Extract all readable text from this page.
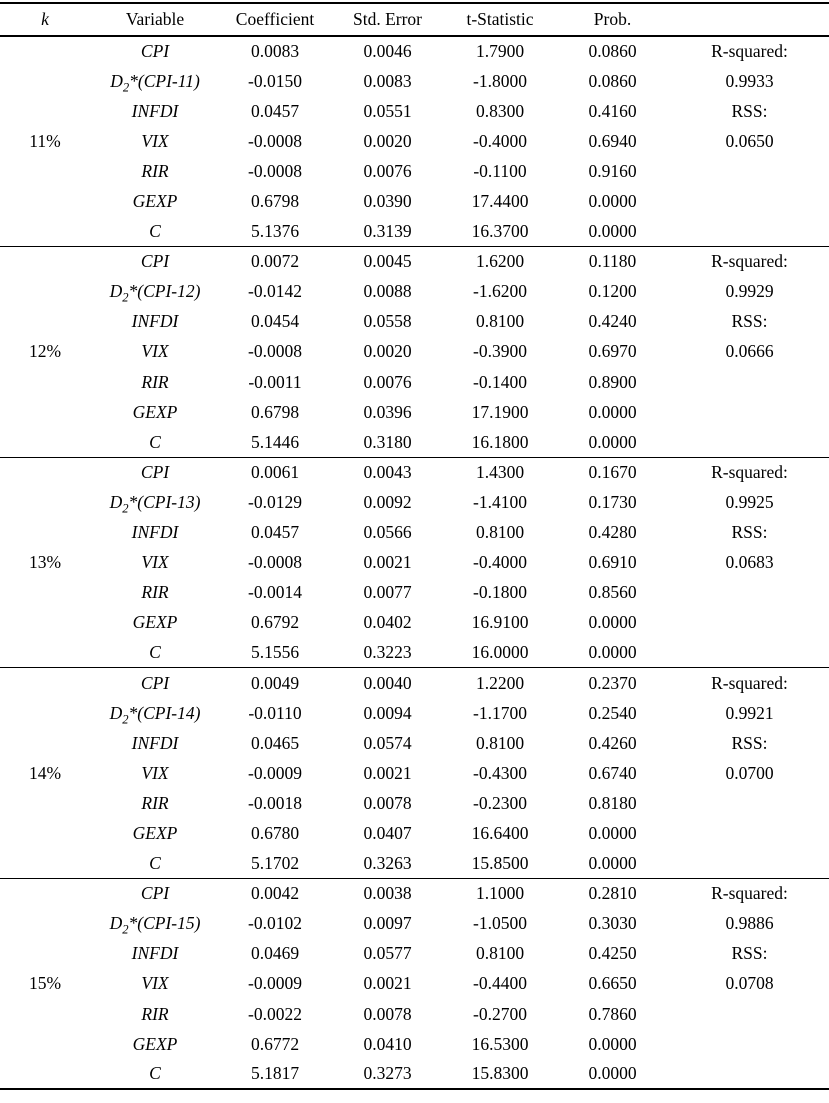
k	Variable	Coefficient	Std. Error	t-Statistic	Prob.	
11%	CPI	0.0083	0.0046	1.7900	0.0860	R-squared:
	$D_2*(CPI-11)$	-0.0150	0.0083	-1.8000	0.0860	0.9933
	INFDI	0.0457	0.0551	0.8300	0.4160	RSS:
	VIX	-0.0008	0.0020	-0.4000	0.6940	0.0650
	RIR	-0.0008	0.0076	-0.1100	0.9160	
	GEXP	0.6798	0.0390	17.4400	0.0000	
	C	5.1376	0.3139	16.3700	0.0000	
12%	CPI	0.0072	0.0045	1.6200	0.1180	R-squared:
	$D_2*(CPI-12)$	-0.0142	0.0088	-1.6200	0.1200	0.9929
	INFDI	0.0454	0.0558	0.8100	0.4240	RSS:
	VIX	-0.0008	0.0020	-0.3900	0.6970	0.0666
	RIR	-0.0011	0.0076	-0.1400	0.8900	
	GEXP	0.6798	0.0396	17.1900	0.0000	
	C	5.1446	0.3180	16.1800	0.0000	
13%	CPI	0.0061	0.0043	1.4300	0.1670	R-squared:
	$D_2*(CPI-13)$	-0.0129	0.0092	-1.4100	0.1730	0.9925
	INFDI	0.0457	0.0566	0.8100	0.4280	RSS:
	VIX	-0.0008	0.0021	-0.4000	0.6910	0.0683
	RIR	-0.0014	0.0077	-0.1800	0.8560	
	GEXP	0.6792	0.0402	16.9100	0.0000	
	C	5.1556	0.3223	16.0000	0.0000	
14%	CPI	0.0049	0.0040	1.2200	0.2370	R-squared:
	$D_2*(CPI-14)$	-0.0110	0.0094	-1.1700	0.2540	0.9921
	INFDI	0.0465	0.0574	0.8100	0.4260	RSS:
	VIX	-0.0009	0.0021	-0.4300	0.6740	0.0700
	RIR	-0.0018	0.0078	-0.2300	0.8180	
	GEXP	0.6780	0.0407	16.6400	0.0000	
	C	5.1702	0.3263	15.8500	0.0000	
15%	CPI	0.0042	0.0038	1.1000	0.2810	R-squared:
	$D_2*(CPI-15)$	-0.0102	0.0097	-1.0500	0.3030	0.9886
	INFDI	0.0469	0.0577	0.8100	0.4250	RSS:
	VIX	-0.0009	0.0021	-0.4400	0.6650	0.0708
	RIR	-0.0022	0.0078	-0.2700	0.7860	
	GEXP	0.6772	0.0410	16.5300	0.0000	
	C	5.1817	0.3273	15.8300	0.0000	
